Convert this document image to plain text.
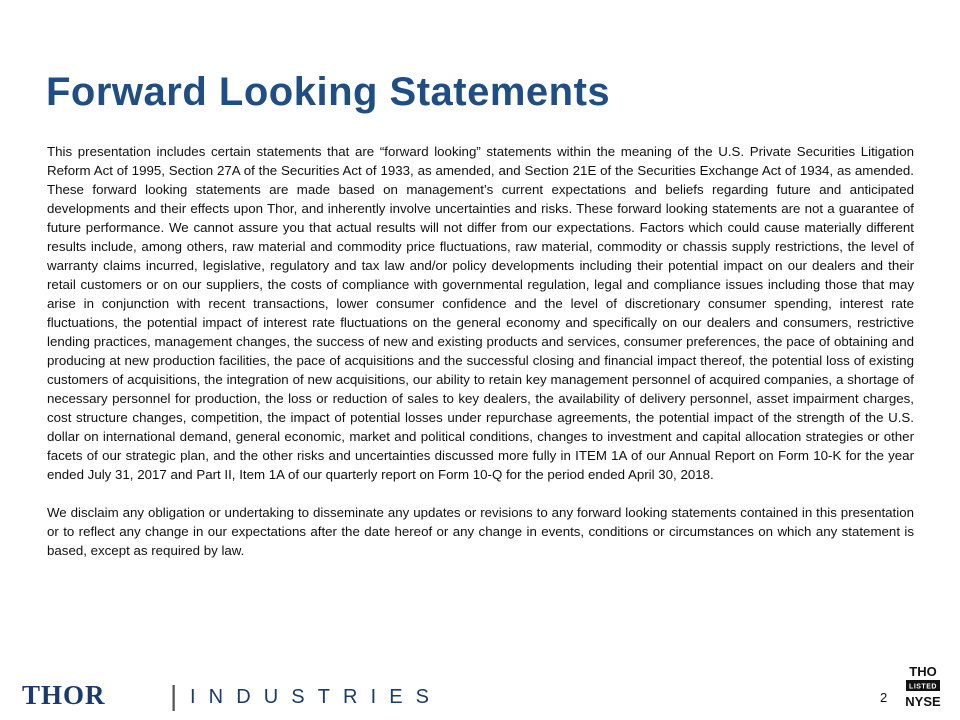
Forward Looking Statements

This presentation includes certain statements that are “forward looking” statements within the meaning of the U.S. Private Securities Litigation Reform Act of 1995, Section 27A of the Securities Act of 1933, as amended, and Section 21E of the Securities Exchange Act of 1934, as amended. These forward looking statements are made based on management’s current expectations and beliefs regarding future and anticipated developments and their effects upon Thor, and inherently involve uncertainties and risks. These forward looking statements are not a guarantee of future performance. We cannot assure you that actual results will not differ from our expectations. Factors which could cause materially different results include, among others, raw material and commodity price fluctuations, raw material, commodity or chassis supply restrictions, the level of warranty claims incurred, legislative, regulatory and tax law and/or policy developments including their potential impact on our dealers and their retail customers or on our suppliers, the costs of compliance with governmental regulation, legal and compliance issues including those that may arise in conjunction with recent transactions, lower consumer confidence and the level of discretionary consumer spending, interest rate fluctuations, the potential impact of interest rate fluctuations on the general economy and specifically on our dealers and consumers, restrictive lending practices, management changes, the success of new and existing products and services, consumer preferences, the pace of obtaining and producing at new production facilities, the pace of acquisitions and the successful closing and financial impact thereof, the potential loss of existing customers of acquisitions, the integration of new acquisitions, our ability to retain key management personnel of acquired companies, a shortage of necessary personnel for production, the loss or reduction of sales to key dealers, the availability of delivery personnel, asset impairment charges, cost structure changes, competition, the impact of potential losses under repurchase agreements, the potential impact of the strength of the U.S. dollar on international demand, general economic, market and political conditions, changes to investment and capital allocation strategies or other facets of our strategic plan, and the other risks and uncertainties discussed more fully in ITEM 1A of our Annual Report on Form 10-K for the year ended July 31, 2017 and Part II, Item 1A of our quarterly report on Form 10-Q for the period ended April 30, 2018.

We disclaim any obligation or undertaking to disseminate any updates or revisions to any forward looking statements contained in this presentation or to reflect any change in our expectations after the date hereof or any change in events, conditions or circumstances on which any statement is based, except as required by law.

THOR | INDUSTRIES	2
THO
LISTED
NYSE
